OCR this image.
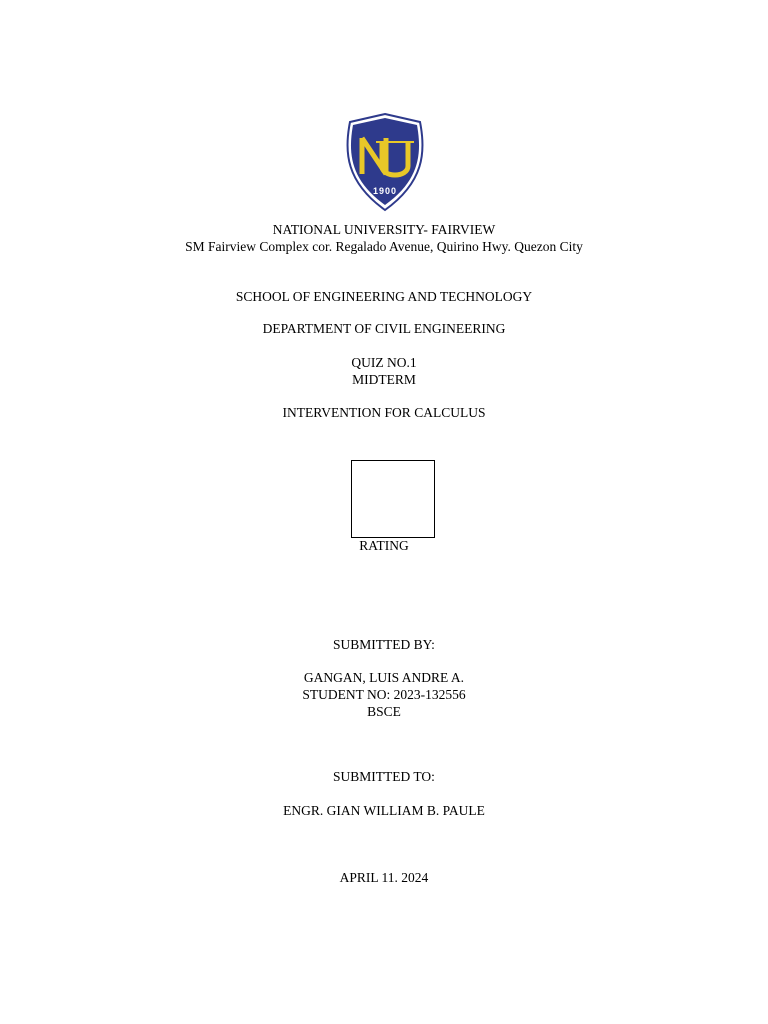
1900
NATIONAL UNIVERSITY- FAIRVIEW
SM Fairview Complex cor. Regalado Avenue, Quirino Hwy. Quezon City
SCHOOL OF ENGINEERING AND TECHNOLOGY
DEPARTMENT OF CIVIL ENGINEERING
QUIZ NO.1
MIDTERM
INTERVENTION FOR CALCULUS
RATING
SUBMITTED BY:
GANGAN, LUIS ANDRE A.
STUDENT NO: 2023-132556
BSCE
SUBMITTED TO:
ENGR. GIAN WILLIAM B. PAULE
APRIL 11. 2024
